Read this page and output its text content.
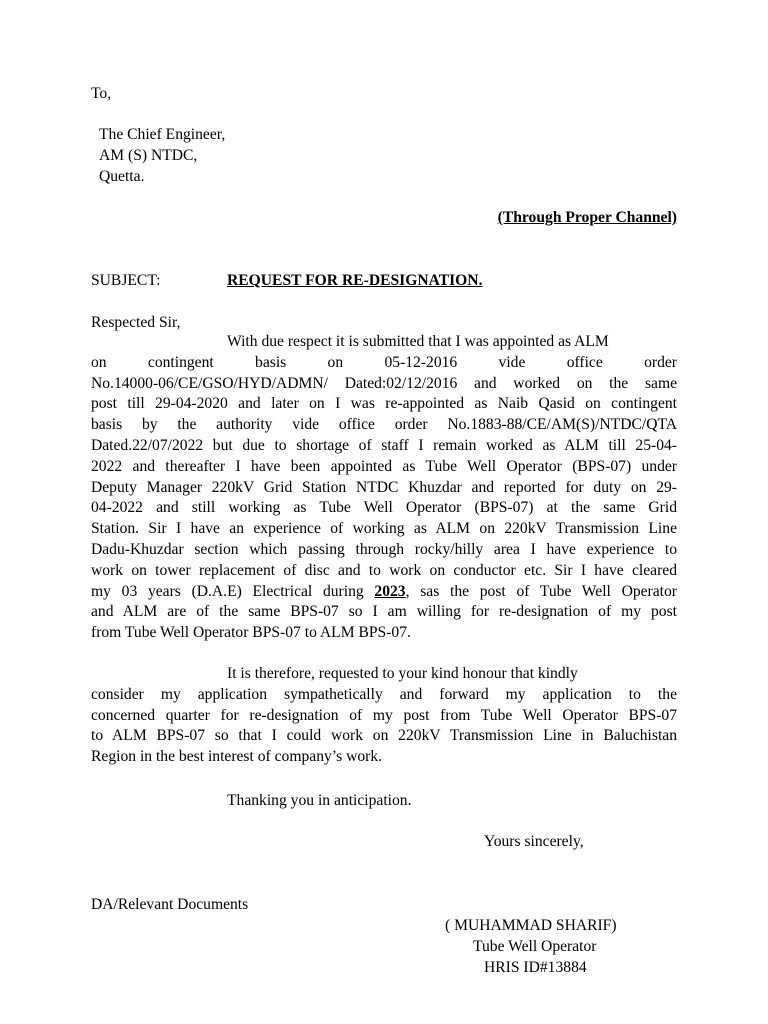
To,
The Chief Engineer,
AM (S) NTDC,
Quetta.
(Through Proper Channel)
SUBJECT:	REQUEST FOR RE-DESIGNATION.
Respected Sir,
With due respect it is submitted that I was appointed as ALM
on contingent basis on 05-12-2016 vide office order
No.14000-06/CE/GSO/HYD/ADMN/ Dated:02/12/2016 and worked on the same
post till 29-04-2020 and later on I was re-appointed as Naib Qasid on contingent
basis by the authority vide office order No.1883-88/CE/AM(S)/NTDC/QTA
Dated.22/07/2022 but due to shortage of staff I remain worked as ALM till 25-04-
2022 and thereafter I have been appointed as Tube Well Operator (BPS-07) under
Deputy Manager 220kV Grid Station NTDC Khuzdar and reported for duty on 29-
04-2022 and still working as Tube Well Operator (BPS-07) at the same Grid
Station. Sir I have an experience of working as ALM on 220kV Transmission Line
Dadu-Khuzdar section which passing through rocky/hilly area I have experience to
work on tower replacement of disc and to work on conductor etc. Sir I have cleared
my 03 years (D.A.E) Electrical during 2023, sas the post of Tube Well Operator
and ALM are of the same BPS-07 so I am willing for re-designation of my post
from Tube Well Operator BPS-07 to ALM BPS-07.
It is therefore, requested to your kind honour that kindly
consider my application sympathetically and forward my application to the
concerned quarter for re-designation of my post from Tube Well Operator BPS-07
to ALM BPS-07 so that I could work on 220kV Transmission Line in Baluchistan
Region in the best interest of company’s work.
Thanking you in anticipation.
Yours sincerely,
DA/Relevant Documents
( MUHAMMAD SHARIF)
Tube Well Operator
HRIS ID#13884
